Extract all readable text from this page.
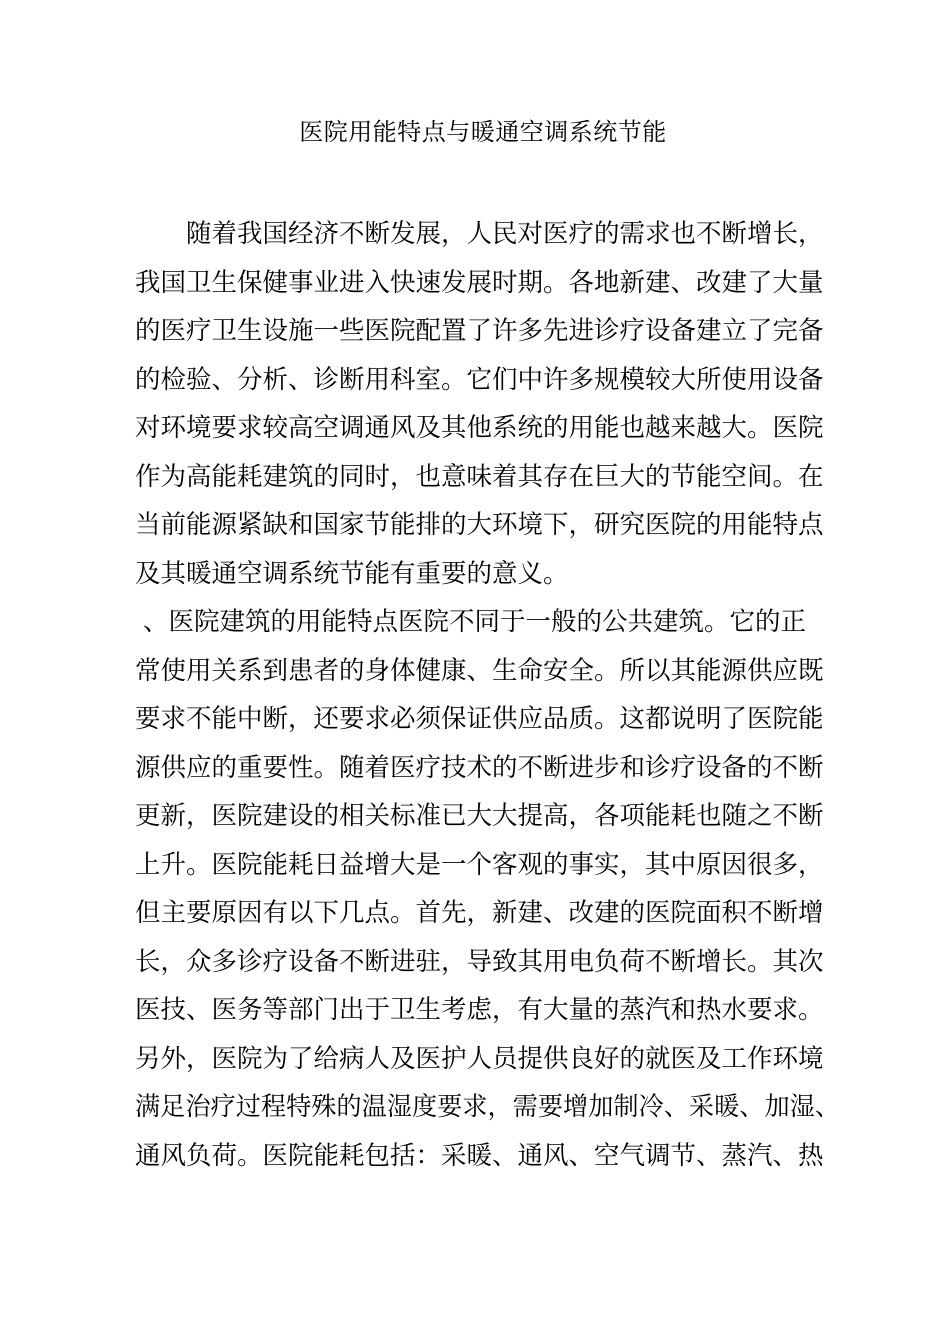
医院用能特点与暖通空调系统节能
　　随着我国经济不断发展，人民对医疗的需求也不断增长，
我国卫生保健事业进入快速发展时期。各地新建、改建了大量
的医疗卫生设施一些医院配置了许多先进诊疗设备建立了完备
的检验、分析、诊断用科室。它们中许多规模较大所使用设备
对环境要求较高空调通风及其他系统的用能也越来越大。医院
作为高能耗建筑的同时，也意味着其存在巨大的节能空间。在
当前能源紧缺和国家节能排的大环境下，研究医院的用能特点
及其暖通空调系统节能有重要的意义。
、医院建筑的用能特点医院不同于一般的公共建筑。它的正
常使用关系到患者的身体健康、生命安全。所以其能源供应既
要求不能中断，还要求必须保证供应品质。这都说明了医院能
源供应的重要性。随着医疗技术的不断进步和诊疗设备的不断
更新，医院建设的相关标准已大大提高，各项能耗也随之不断
上升。医院能耗日益增大是一个客观的事实，其中原因很多，
但主要原因有以下几点。首先，新建、改建的医院面积不断增
长，众多诊疗设备不断进驻，导致其用电负荷不断增长。其次
医技、医务等部门出于卫生考虑，有大量的蒸汽和热水要求。
另外，医院为了给病人及医护人员提供良好的就医及工作环境
满足治疗过程特殊的温湿度要求，需要增加制冷、采暖、加湿、
通风负荷。医院能耗包括：采暖、通风、空气调节、蒸汽、热
